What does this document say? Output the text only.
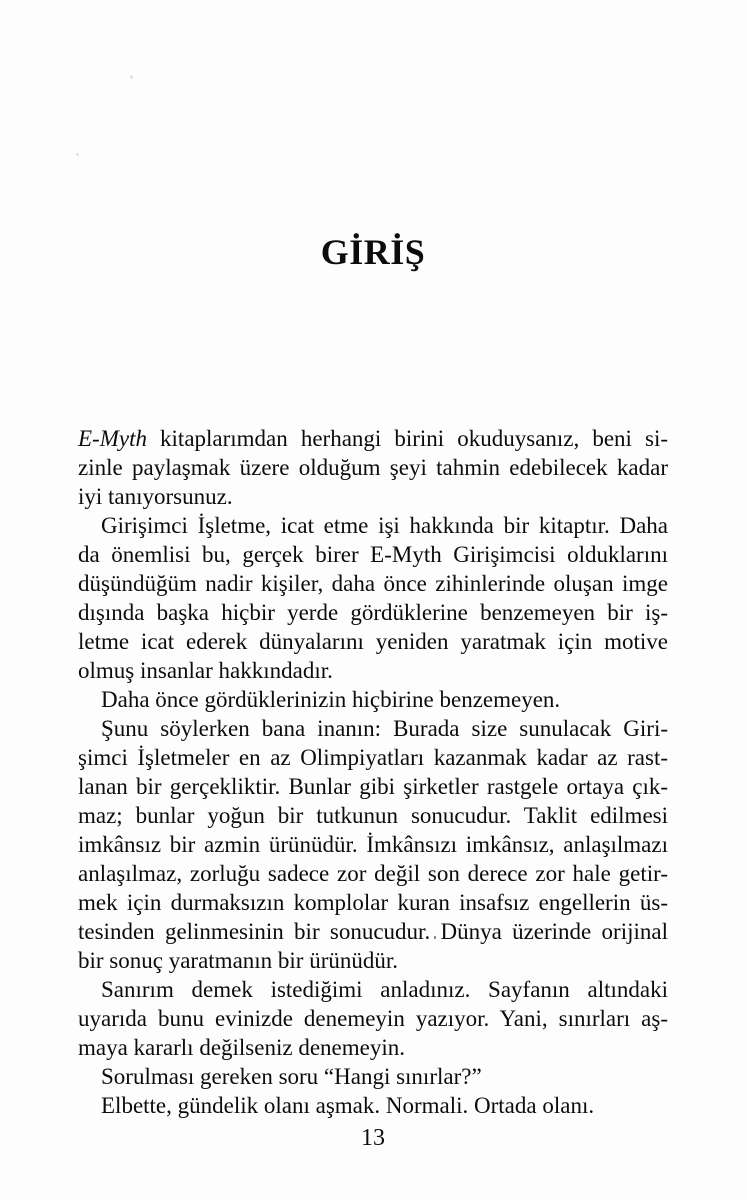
GİRİŞ
E-Myth kitaplarımdan herhangi birini okuduysanız, beni si-
zinle paylaşmak üzere olduğum şeyi tahmin edebilecek kadar
iyi tanıyorsunuz.
Girişimci İşletme, icat etme işi hakkında bir kitaptır. Daha
da önemlisi bu, gerçek birer E-Myth Girişimcisi olduklarını
düşündüğüm nadir kişiler, daha önce zihinlerinde oluşan imge
dışında başka hiçbir yerde gördüklerine benzemeyen bir iş-
letme icat ederek dünyalarını yeniden yaratmak için motive
olmuş insanlar hakkındadır.
Daha önce gördüklerinizin hiçbirine benzemeyen.
Şunu söylerken bana inanın: Burada size sunulacak Giri-
şimci İşletmeler en az Olimpiyatları kazanmak kadar az rast-
lanan bir gerçekliktir. Bunlar gibi şirketler rastgele ortaya çık-
maz; bunlar yoğun bir tutkunun sonucudur. Taklit edilmesi
imkânsız bir azmin ürünüdür. İmkânsızı imkânsız, anlaşılmazı
anlaşılmaz, zorluğu sadece zor değil son derece zor hale getir-
mek için durmaksızın komplolar kuran insafsız engellerin üs-
tesinden gelinmesinin bir sonucudur. Dünya üzerinde orijinal
bir sonuç yaratmanın bir ürünüdür.
Sanırım demek istediğimi anladınız. Sayfanın altındaki
uyarıda bunu evinizde denemeyin yazıyor. Yani, sınırları aş-
maya kararlı değilseniz denemeyin.
Sorulması gereken soru “Hangi sınırlar?”
Elbette, gündelik olanı aşmak. Normali. Ortada olanı.
13
